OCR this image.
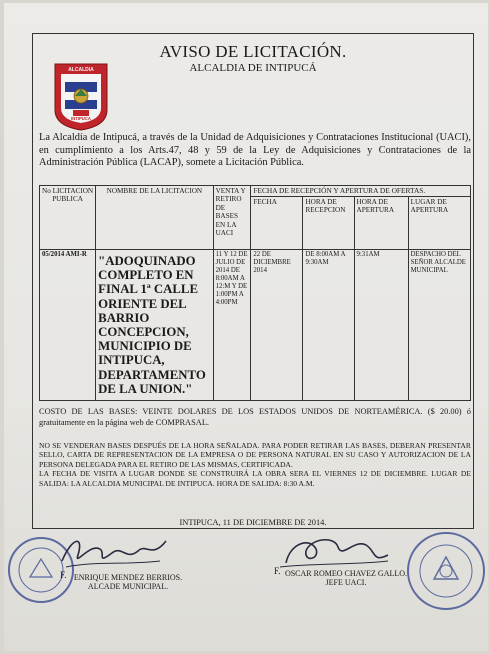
AVISO DE LICITACIÓN.
ALCALDIA DE INTIPUCÁ
ALCALDIA
INTIPUCA
La Alcaldía de Intipucá, a través de la Unidad de Adquisiciones y Contrataciones Institucional (UACI), en cumplimiento a los Arts.47, 48 y 59 de la Ley de Adquisiciones y Contrataciones de la Administración Pública (LACAP), somete a Licitación Pública.
No LICITACION PUBLICA	NOMBRE DE LA LICITACION	VENTA Y RETIRO DE BASES EN LA UACI	FECHA DE RECEPCIÓN Y APERTURA DE OFERTAS.			
			FECHA	HORA DE RECEPCION	HORA DE APERTURA	LUGAR DE APERTURA
05/2014 AMI-R	"ADOQUINADO COMPLETO EN FINAL 1ª CALLE ORIENTE DEL BARRIO CONCEPCION, MUNICIPIO DE INTIPUCA, DEPARTAMENTO DE LA UNION."	11 Y 12 DE JULIO DE 2014 DE 8:00AM A 12:M Y DE 1:00PM A 4:00PM	22 DE DICIEMBRE 2014	DE 8:00AM A 9:30AM	9:31AM	DESPACHO DEL SEÑOR ALCALDE MUNICIPAL
COSTO DE LAS BASES: VEINTE DOLARES DE LOS ESTADOS UNIDOS DE NORTEAMÉRICA. ($ 20.00) ó gratuitamente en la página web de COMPRASAL.
NO SE VENDERAN BASES DESPUÉS DE LA HORA SEÑALADA. PARA PODER RETIRAR LAS BASES, DEBERAN PRESENTAR SELLO, CARTA DE REPRESENTACION DE LA EMPRESA O DE PERSONA NATURAL EN SU CASO Y AUTORIZACION DE LA PERSONA DELEGADA PARA EL RETIRO DE LAS MISMAS, CERTIFICADA.
LA FECHA DE VISITA A LUGAR DONDE SE CONSTRUIRÁ LA OBRA SERA EL VIERNES 12 DE DICIEMBRE. LUGAR DE SALIDA: LA ALCALDIA MUNICIPAL DE INTIPUCA. HORA DE SALIDA: 8:30 A.M.
INTIPUCA, 11 DE DICIEMBRE DE 2014.
F. ENRIQUE MENDEZ BERRIOS.
ALCADE MUNICIPAL.
F. OSCAR ROMEO CHAVEZ GALLO.
JEFE UACI.
